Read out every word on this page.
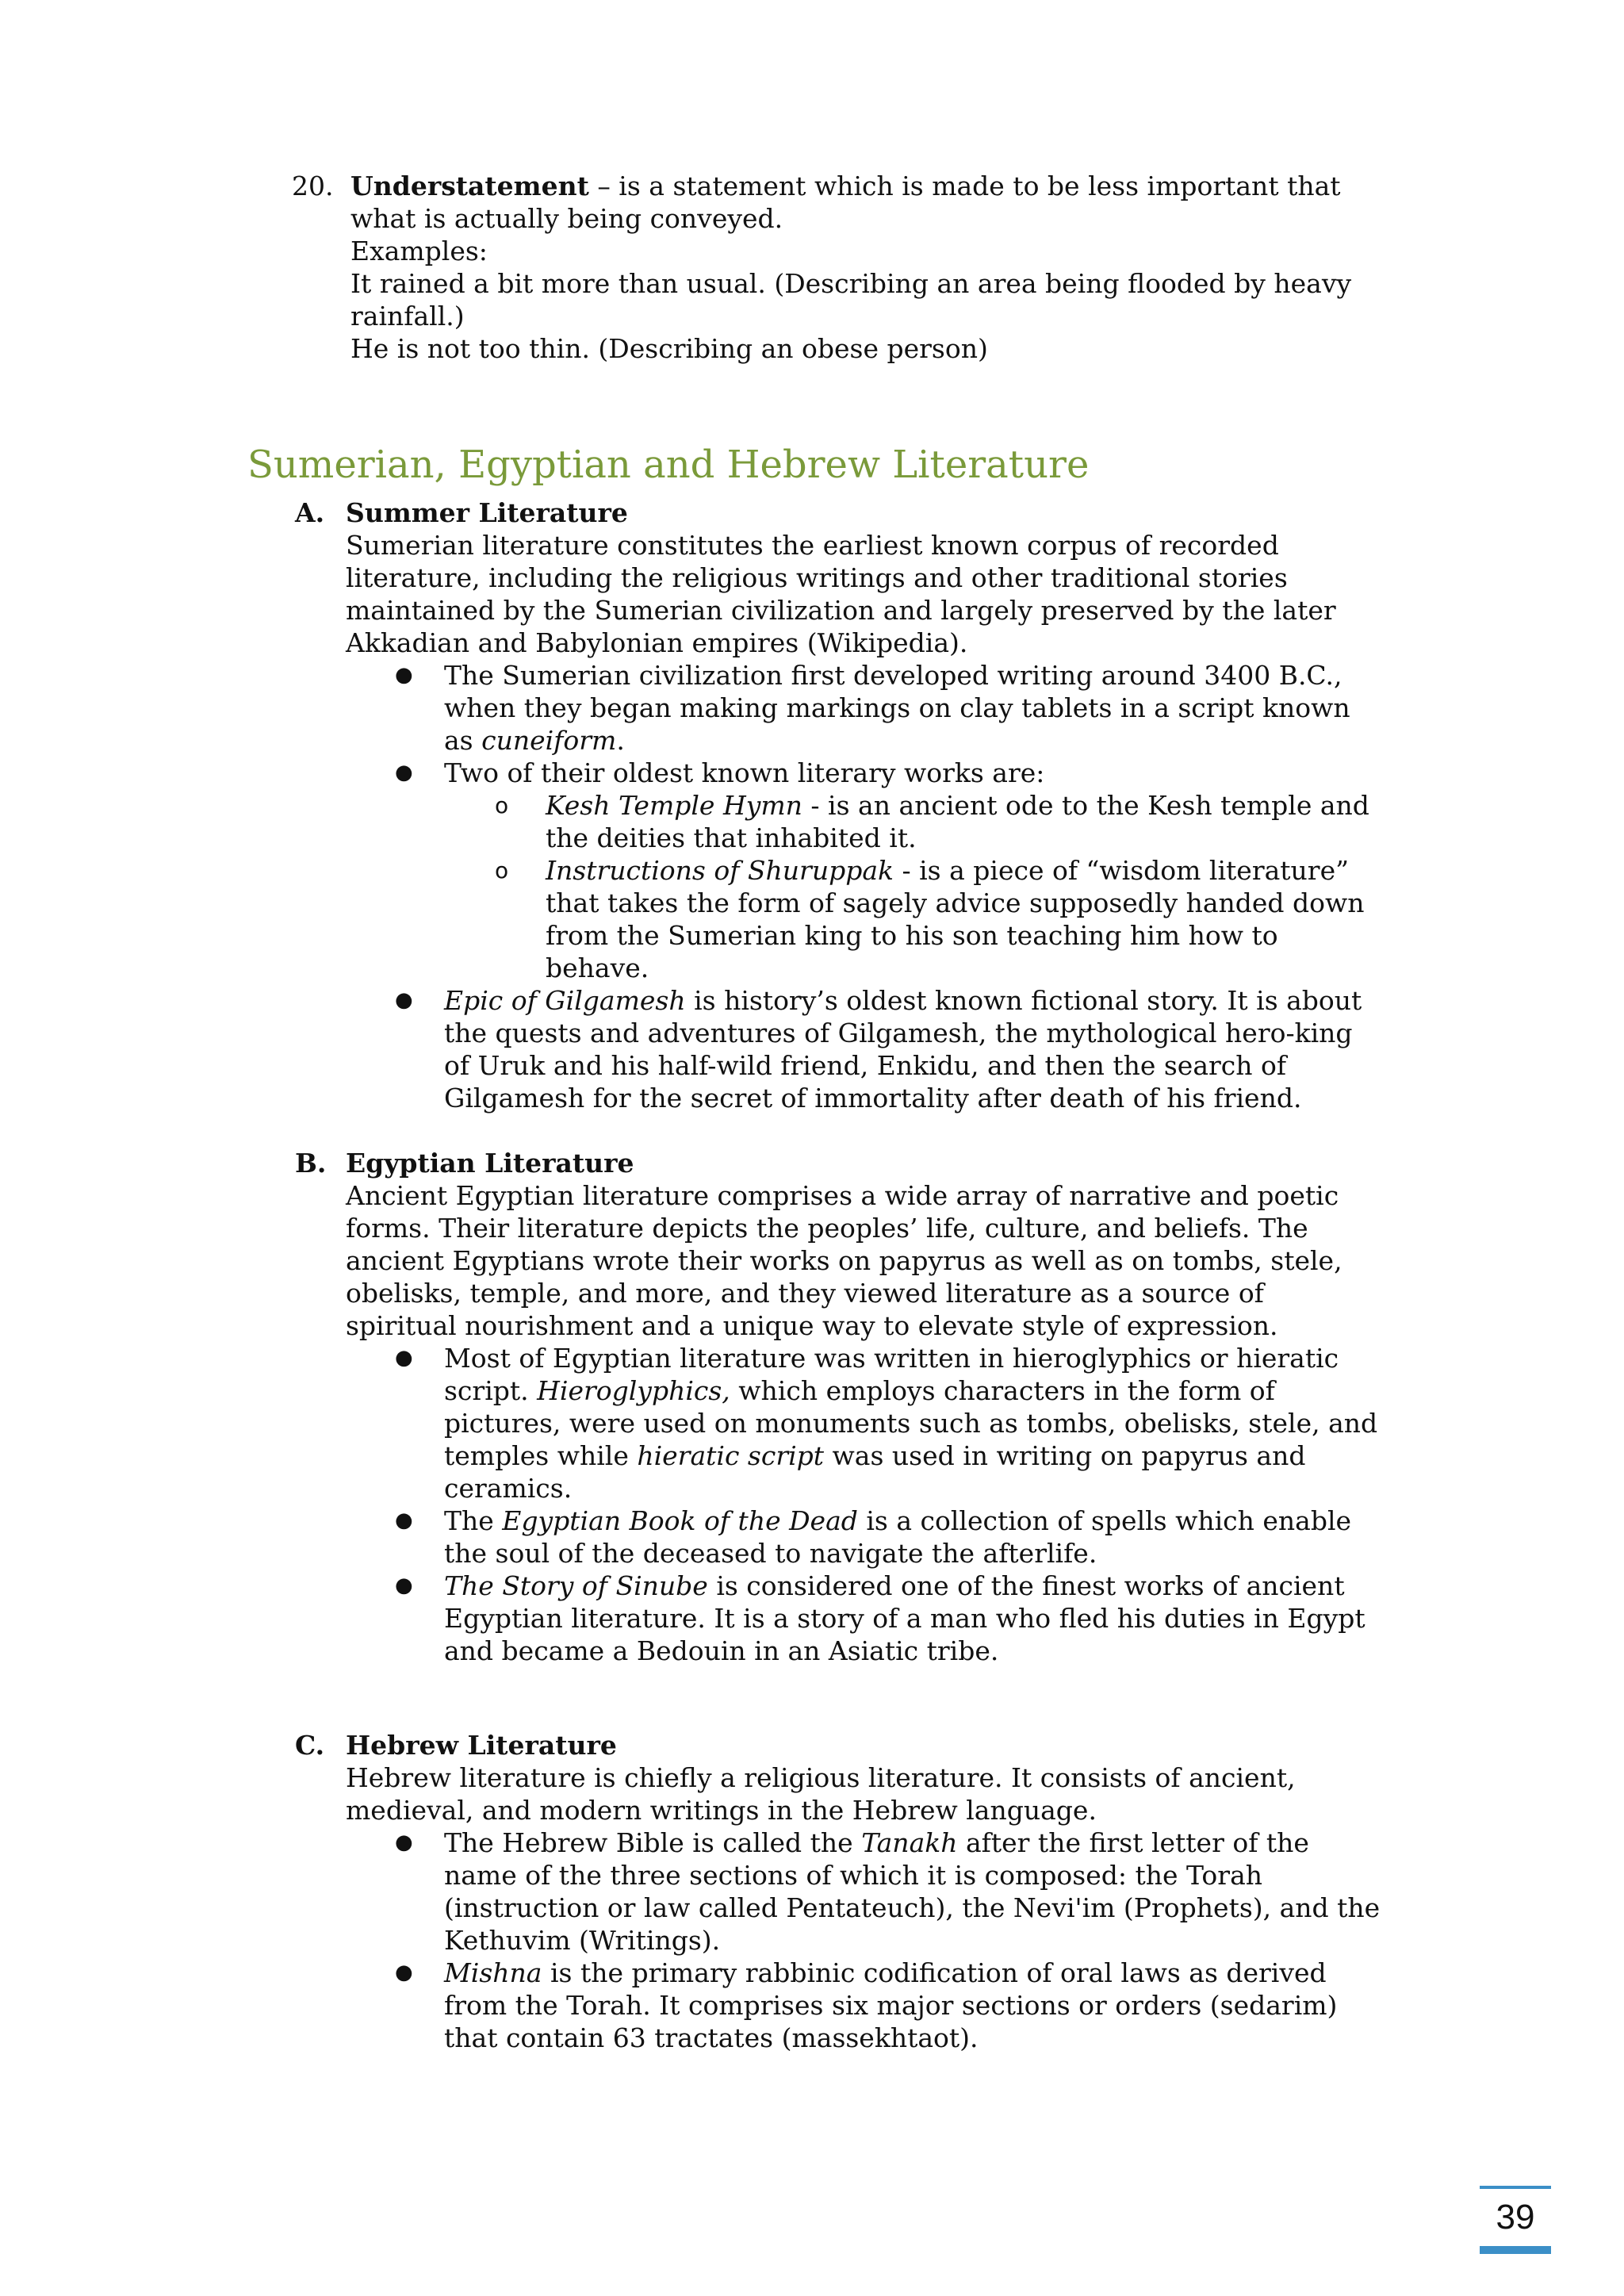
20. Understatement – is a statement which is made to be less important that what is actually being conveyed.
Examples:
It rained a bit more than usual. (Describing an area being flooded by heavy rainfall.)
He is not too thin. (Describing an obese person)
Sumerian, Egyptian and Hebrew Literature
A. Summer Literature
Sumerian literature constitutes the earliest known corpus of recorded literature, including the religious writings and other traditional stories maintained by the Sumerian civilization and largely preserved by the later Akkadian and Babylonian empires (Wikipedia).
● The Sumerian civilization first developed writing around 3400 B.C., when they began making markings on clay tablets in a script known as cuneiform.
● Two of their oldest known literary works are:
o Kesh Temple Hymn - is an ancient ode to the Kesh temple and the deities that inhabited it.
o Instructions of Shuruppak - is a piece of “wisdom literature” that takes the form of sagely advice supposedly handed down from the Sumerian king to his son teaching him how to behave.
● Epic of Gilgamesh is history’s oldest known fictional story. It is about the quests and adventures of Gilgamesh, the mythological hero-king of Uruk and his half-wild friend, Enkidu, and then the search of Gilgamesh for the secret of immortality after death of his friend.
B. Egyptian Literature
Ancient Egyptian literature comprises a wide array of narrative and poetic forms. Their literature depicts the peoples’ life, culture, and beliefs. The ancient Egyptians wrote their works on papyrus as well as on tombs, stele, obelisks, temple, and more, and they viewed literature as a source of spiritual nourishment and a unique way to elevate style of expression.
● Most of Egyptian literature was written in hieroglyphics or hieratic script. Hieroglyphics, which employs characters in the form of pictures, were used on monuments such as tombs, obelisks, stele, and temples while hieratic script was used in writing on papyrus and ceramics.
● The Egyptian Book of the Dead is a collection of spells which enable the soul of the deceased to navigate the afterlife.
● The Story of Sinube is considered one of the finest works of ancient Egyptian literature. It is a story of a man who fled his duties in Egypt and became a Bedouin in an Asiatic tribe.
C. Hebrew Literature
Hebrew literature is chiefly a religious literature. It consists of ancient, medieval, and modern writings in the Hebrew language.
● The Hebrew Bible is called the Tanakh after the first letter of the name of the three sections of which it is composed: the Torah (instruction or law called Pentateuch), the Nevi'im (Prophets), and the Kethuvim (Writings).
● Mishna is the primary rabbinic codification of oral laws as derived from the Torah. It comprises six major sections or orders (sedarim) that contain 63 tractates (massekhtaot).
39
